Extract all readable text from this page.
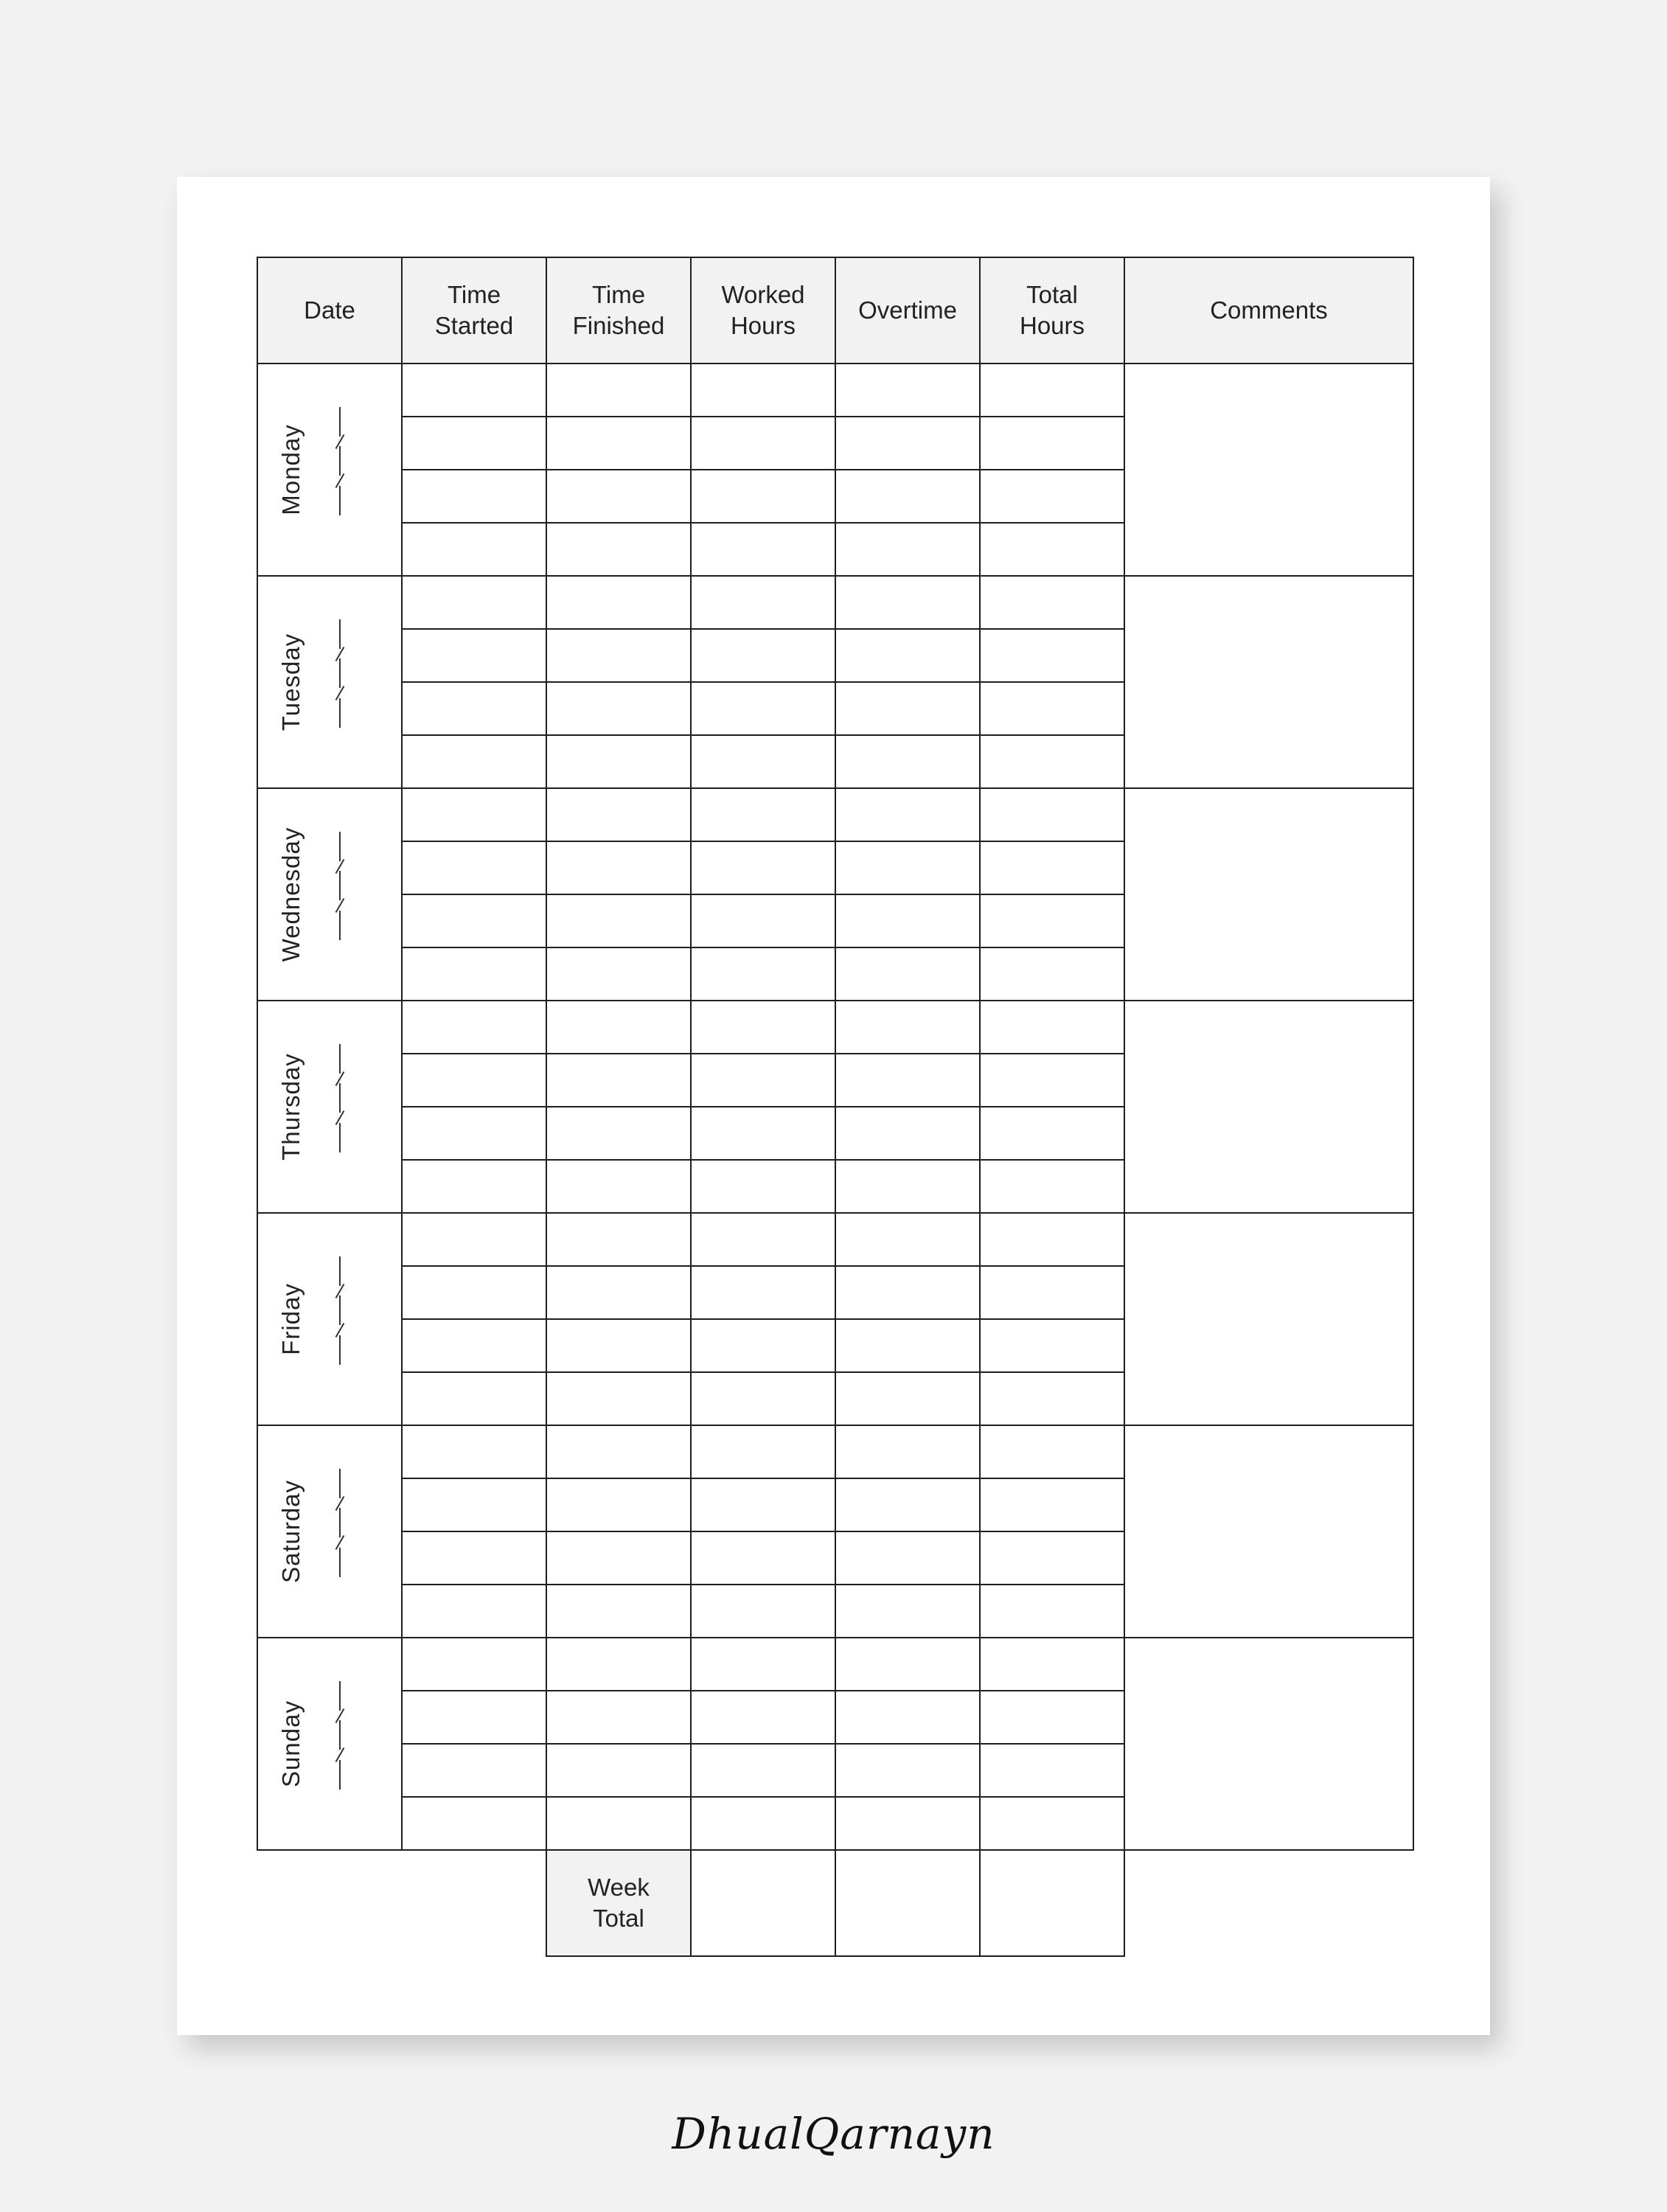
Date
Time
Started
Time
Finished
Worked
Hours
Overtime
Total
Hours
Comments
Monday
Tuesday
Wednesday
Thursday
Friday
Saturday
Sunday
Week
Total
DhualQarnayn
